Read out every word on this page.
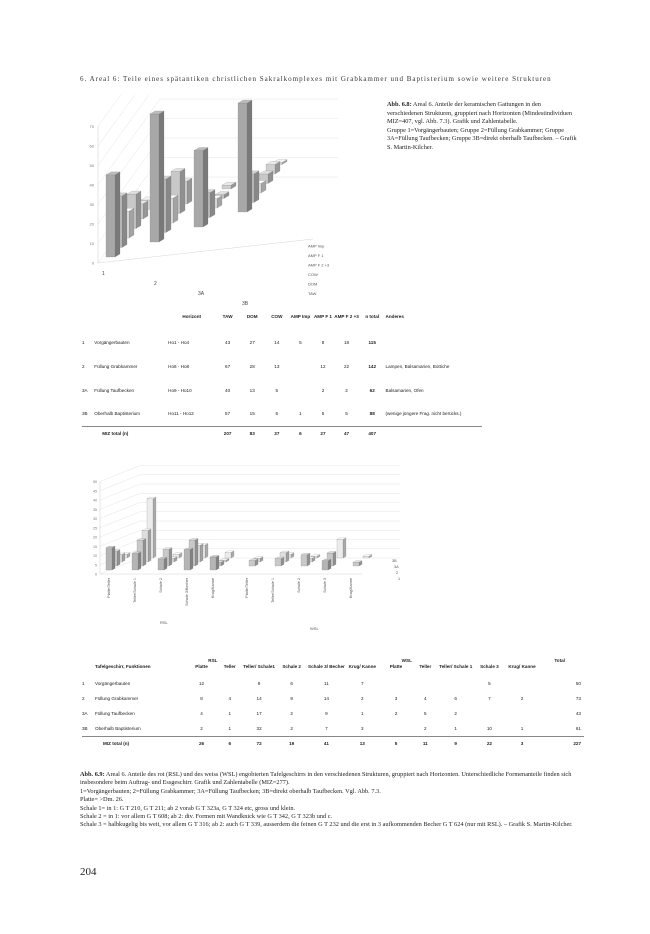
6. Areal 6: Teile eines spätantiken christlichen Sakralkomplexes mit Grabkammer und Baptisterium sowie weitere Strukturen
0
10
20
30
40
50
60
70
1
2
3A
3B
TAW
DOM
COW
AMP F 2 +3
AMP F 1
AMP Imp
Abb. 6.8: Areal 6. Anteile der keramischen Gattungen in den verschiedenen Strukturen, gruppiert nach Horizonten (Mindestindividuen MIZ=407, vgl. Abb. 7.3). Grafik und Zahlentabelle.
Gruppe 1=Vorgängerbauten; Gruppe 2=Füllung Grabkammer; Gruppe 3A=Füllung Taufbecken; Gruppe 3B=direkt oberhalb Taufbecken. – Grafik S. Martin-Kilcher.
		Horizont	TAW	DOM	COW	AMP Imp	AMP F 1	AMP F 2 +3	n total	Anderes

1	Vorgängerbauten	Ho1 - Ho4	43	27	14	5	8	18	115	
2	Füllung Grabkammer	Ho6 - Ho8	67	28	13		12	22	142	Lampen, Balsamarien, Bottiche
3A	Füllung Taufbecken	Ho9 - Ho10	40	13	5		2	2	62	Balsamarien, Ofen
3B	Oberhalb Baptisterium	Ho11 - Ho12	57	15	5	1	5	5	88	(wenige jüngere Frag. nicht berücks.)
	MIZ total (n)		207	83	37	6	27	47	407	
0
5
10
15
20
25
30
35
40
45
50
Platte/Teller	Teller/Schale 1	Schale 2	Schale 3/Becher	Krug/Kanne	Platte/Teller	Teller/Schale 1	Schale 2	Schale 3	Krug/Kanne
RSL
WSL
3B
3A
2
1
		RSL						WSL					Total
	Tafelgeschirr, Funktionen	Platte	Teller	Teller/ Schale1	Schale 2	Schale 3/ Becher	Krug/ Kanne	Platte	Teller	Teller/ Schale 1	Schale 3	Krug/ Kanne	

1	Vorgängerbauten	12		9	6	11	7				5		50
2	Füllung Grabkammer	8	4	14	9	14	2	3	4	6	7	2	73
3A	Füllung Taufbecken	4	1	17	2	9	1	2	5	2			43
3B	Oberhalb Baptisterium	2	1	32	2	7	3		2	1	10	1	61
	MIZ total (n)	26	6	72	19	41	13	5	11	9	22	3	227

Abb. 6.9: Areal 6. Anteile des rot (RSL) und des weiss (WSL) engobierten Tafelgeschirrs in den verschiedenen Strukturen, gruppiert nach Horizonten. Unterschiedliche Formenanteile finden sich insbesondere beim Auftrag- und Essgeschirr. Grafik und Zahlentabelle (MIZ=277).

1=Vorgängerbauten; 2=Füllung Grabkammer; 3A=Füllung Taufbecken; 3B=direkt oberhalb Taufbecken. Vgl. Abb. 7.3.

Platte= >Dm. 26.

Schale 1= in 1: G T 210, G T 211; ab 2 vorab G T 323a, G T 324 etc, gross und klein.

Schale 2 = in 1: vor allem G T 608; ab 2: div. Formen mit Wandknick wie G T 342, G T 323b und c.

Schale 3 = halbkugelig bis weit, vor allem G T 316; ab 2: auch G T 339, ausserdem die feinen G T 232 und die erst in 3 aufkommenden Becher G T 624 (nur mit RSL). – Grafik S. Martin-Kilcher.

204
